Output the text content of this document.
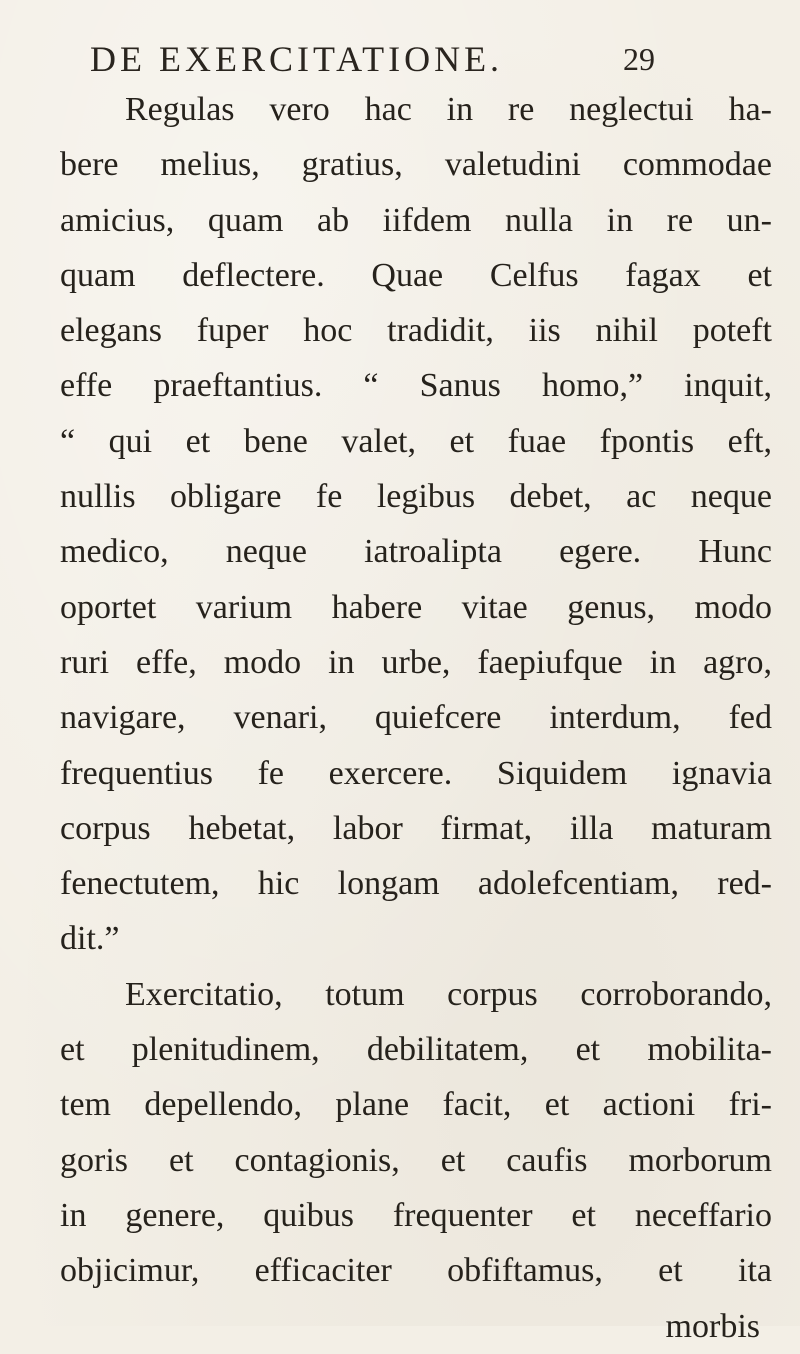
DE EXERCITATIONE.	29
Regulas vero hac in re neglectui ha-
bere melius, gratius, valetudini commodae
amicius, quam ab iifdem nulla in re un-
quam deflectere. Quae Celfus fagax et
elegans fuper hoc tradidit, iis nihil poteft
effe praeftantius. “ Sanus homo,” inquit,
“ qui et bene valet, et fuae fpontis eft,
nullis obligare fe legibus debet, ac neque
medico, neque iatroalipta egere. Hunc
oportet varium habere vitae genus, modo
ruri effe, modo in urbe, faepiufque in agro,
navigare, venari, quiefcere interdum, fed
frequentius fe exercere. Siquidem ignavia
corpus hebetat, labor firmat, illa maturam
fenectutem, hic longam adolefcentiam, red-
dit.”
Exercitatio, totum corpus corroborando,
et plenitudinem, debilitatem, et mobilita-
tem depellendo, plane facit, et actioni fri-
goris et contagionis, et caufis morborum
in genere, quibus frequenter et neceffario
objicimur, efficaciter obfiftamus, et ita
morbis
